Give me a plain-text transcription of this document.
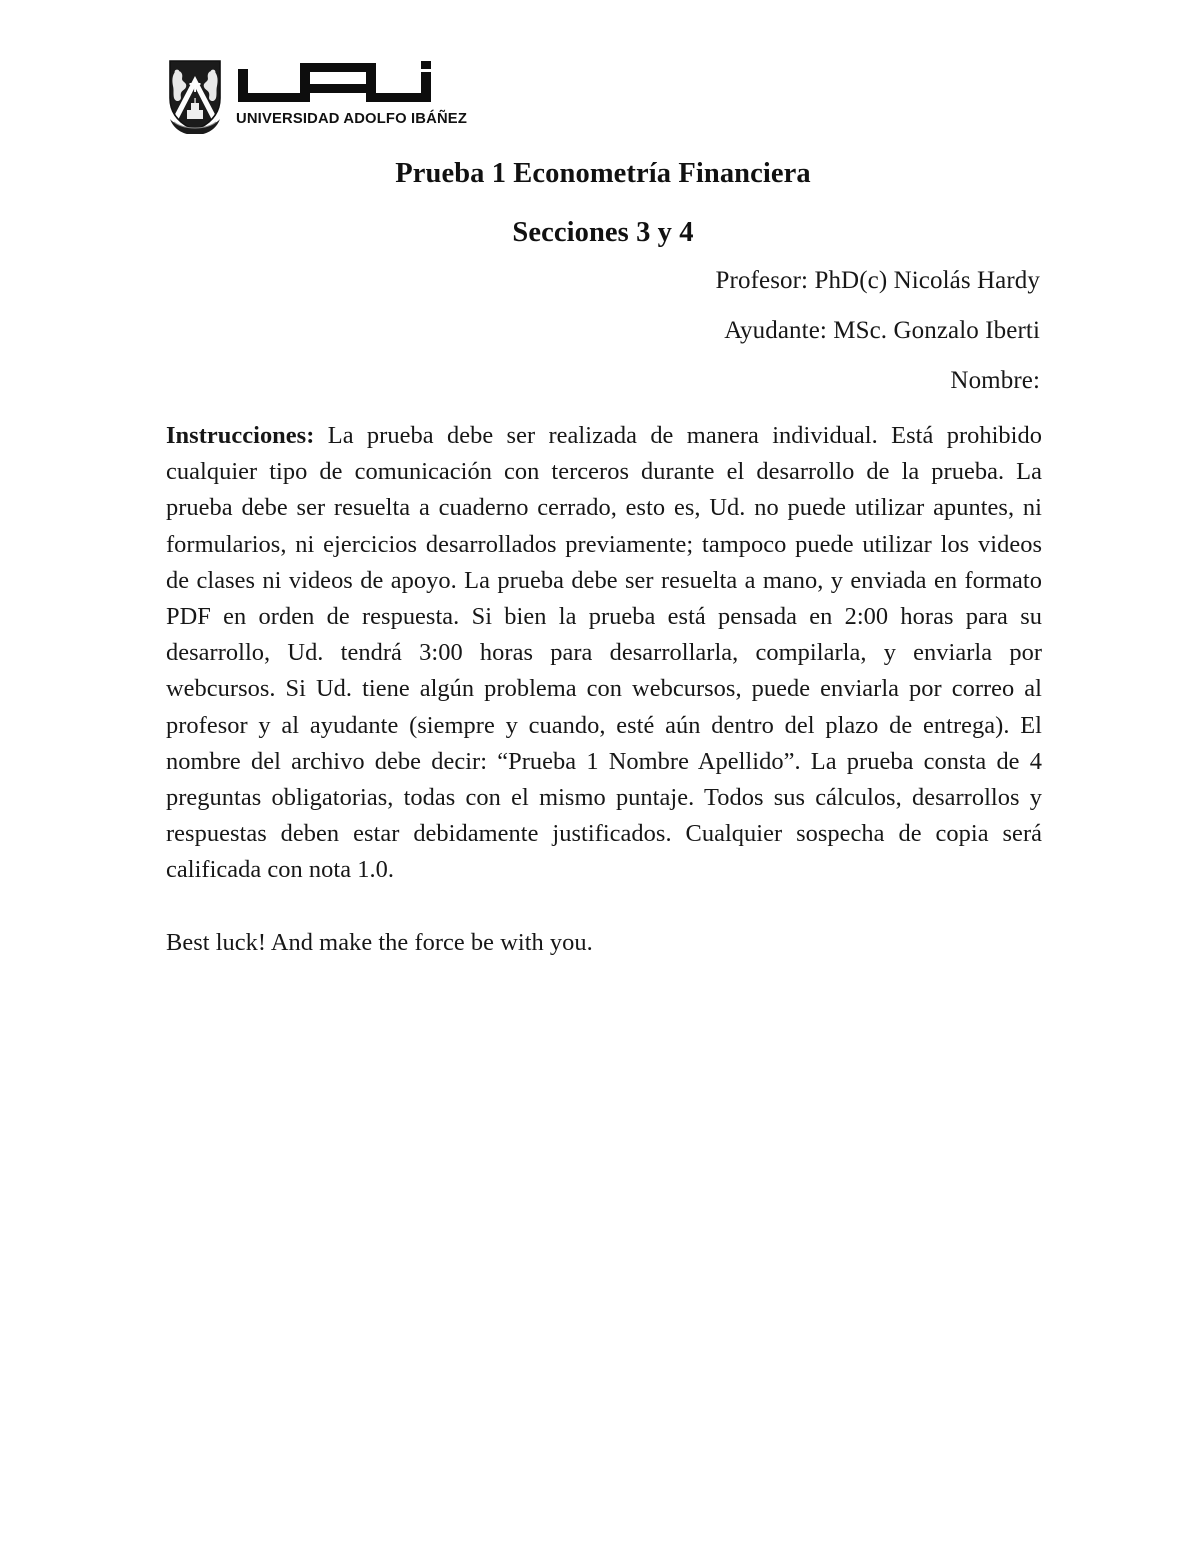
UNIVERSIDAD ADOLFO IBÁÑEZ
Prueba 1 Econometría Financiera
Secciones 3 y 4

Profesor: PhD(c) Nicolás Hardy

Ayudante: MSc. Gonzalo Iberti

Nombre:

Instrucciones: La prueba debe ser realizada de manera individual. Está prohibido cualquier tipo de comunicación con terceros durante el desarrollo de la prueba. La prueba debe ser resuelta a cuaderno cerrado, esto es, Ud. no puede utilizar apuntes, ni formularios, ni ejercicios desarrollados previamente; tampoco puede utilizar los videos de clases ni videos de apoyo. La prueba debe ser resuelta a mano, y enviada en formato PDF en orden de respuesta. Si bien la prueba está pensada en 2:00 horas para su desarrollo, Ud. tendrá 3:00 horas para desarrollarla, compilarla, y enviarla por webcursos. Si Ud. tiene algún problema con webcursos, puede enviarla por correo al profesor y al ayudante (siempre y cuando, esté aún dentro del plazo de entrega). El nombre del archivo debe decir: “Prueba 1 Nombre Apellido”. La prueba consta de 4 preguntas obligatorias, todas con el mismo puntaje. Todos sus cálculos, desarrollos y respuestas deben estar debidamente justificados. Cualquier sospecha de copia será calificada con nota 1.0.

Best luck! And make the force be with you.
